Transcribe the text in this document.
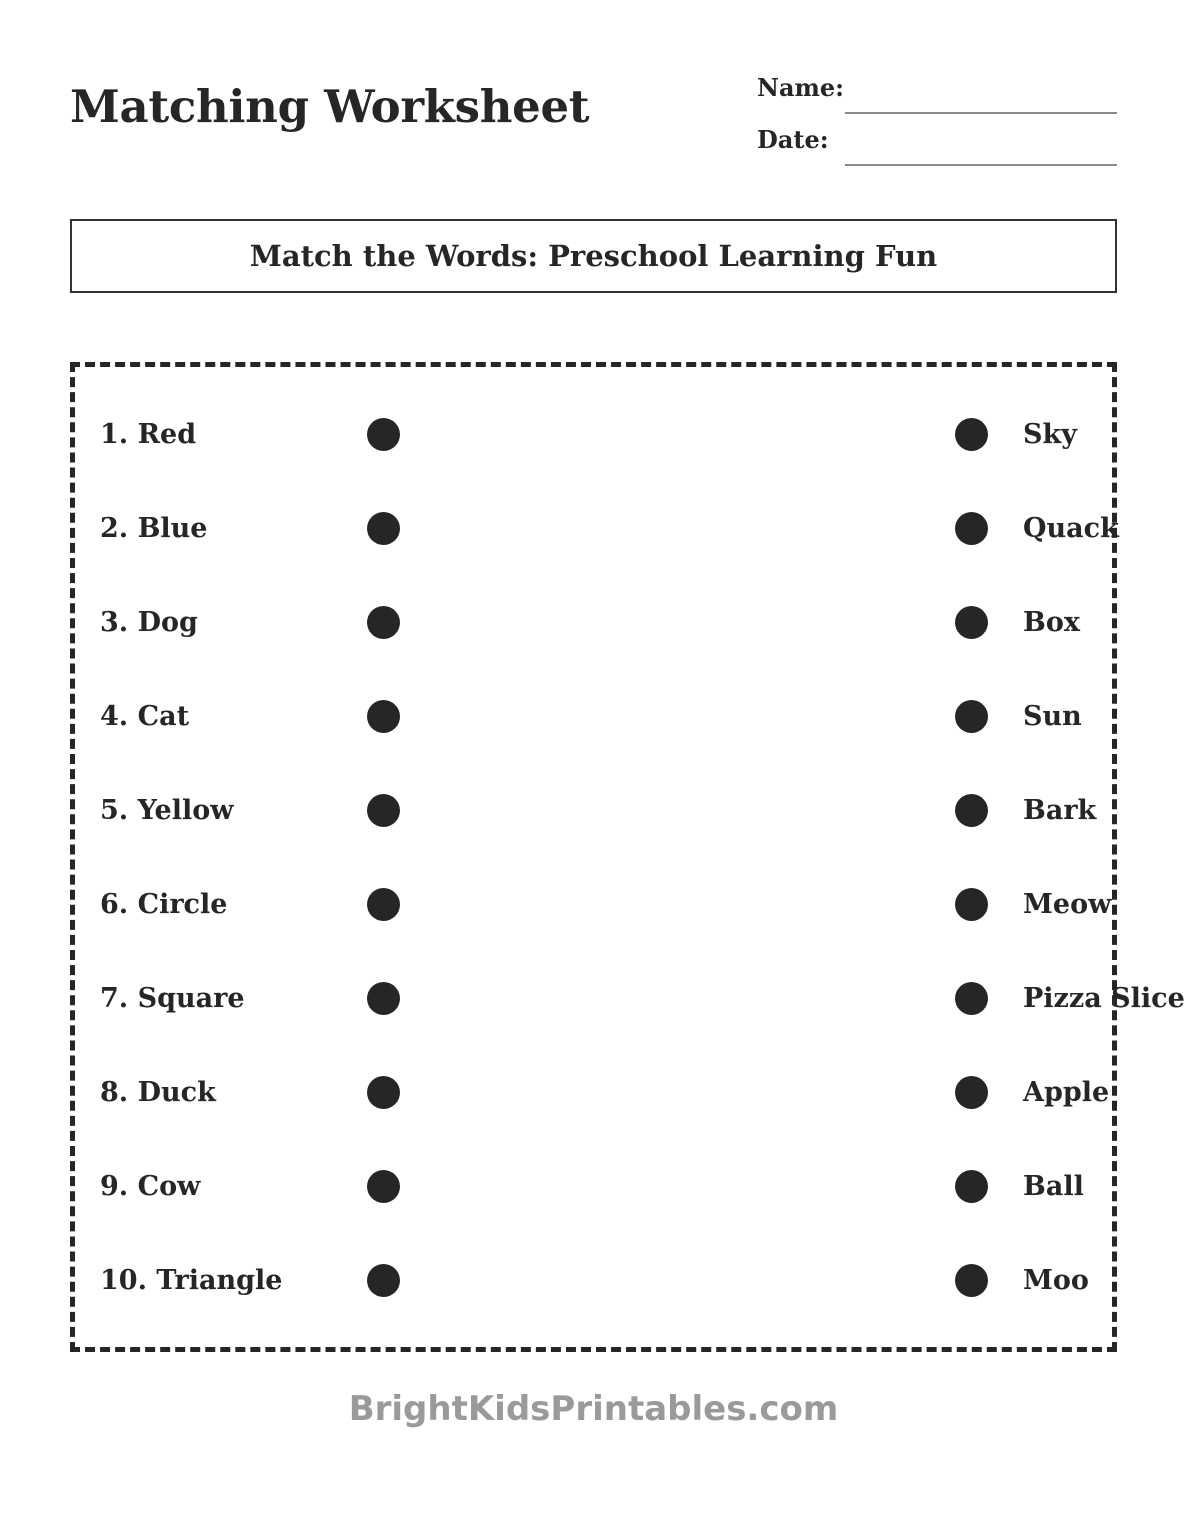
Matching Worksheet	Name:
Date:
Match the Words: Preschool Learning Fun
1. Red	Sky
2. Blue	Quack
3. Dog	Box
4. Cat	Sun
5. Yellow	Bark
6. Circle	Meow
7. Square	Pizza Slice
8. Duck	Apple
9. Cow	Ball
10. Triangle	Moo
BrightKidsPrintables.com
